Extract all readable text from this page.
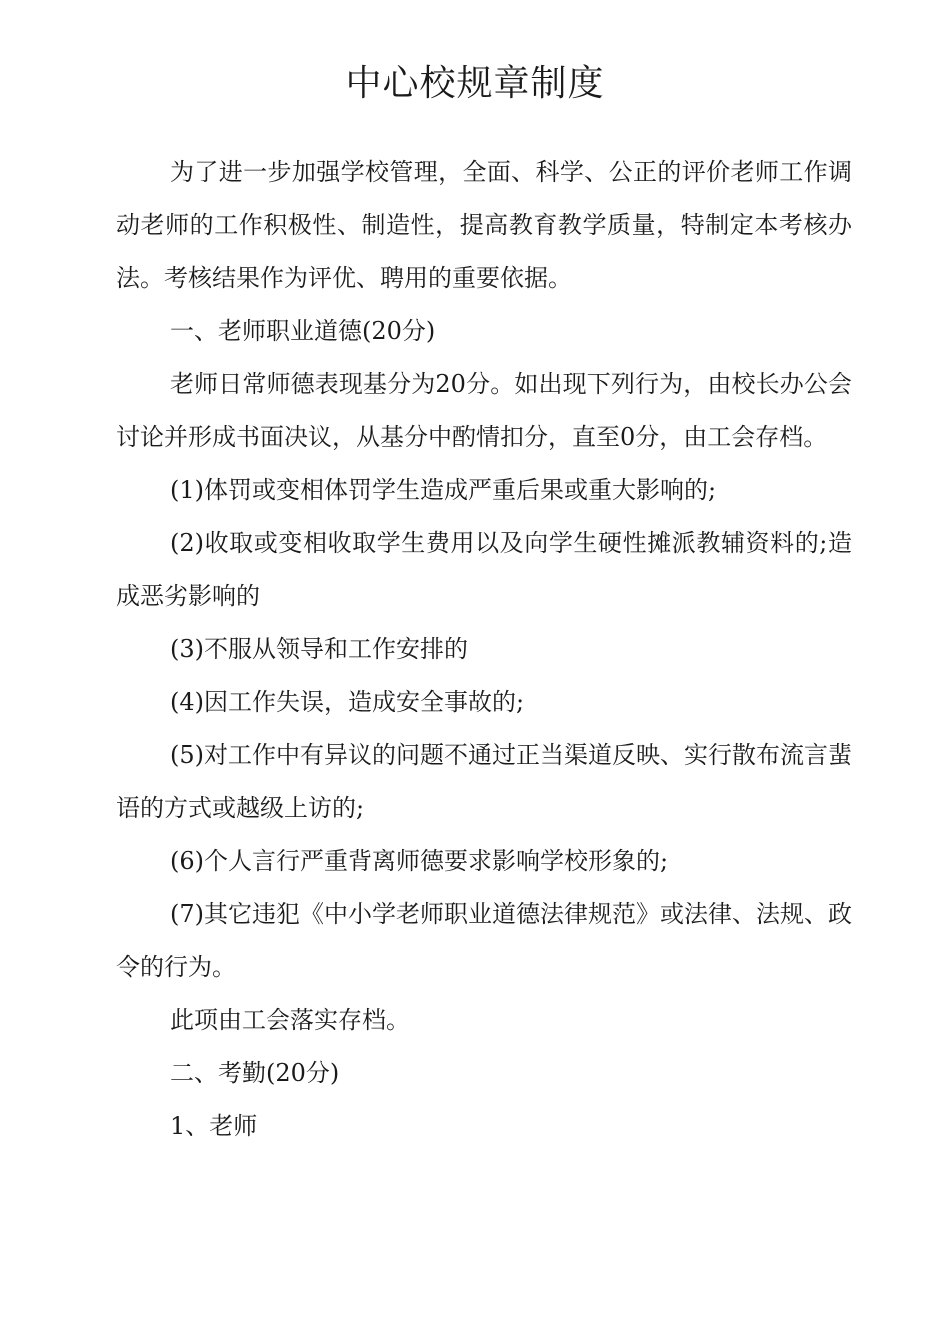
中心校规章制度

为了进一步加强学校管理，全面、科学、公正的评价老师工作调动老师的工作积极性、制造性，提高教育教学质量，特制定本考核办法。考核结果作为评优、聘用的重要依据。

一、老师职业道德(20分)

老师日常师德表现基分为20分。如出现下列行为，由校长办公会讨论并形成书面决议，从基分中酌情扣分，直至0分，由工会存档。

(1)体罚或变相体罚学生造成严重后果或重大影响的;

(2)收取或变相收取学生费用以及向学生硬性摊派教辅资料的;造成恶劣影响的

(3)不服从领导和工作安排的

(4)因工作失误，造成安全事故的;

(5)对工作中有异议的问题不通过正当渠道反映、实行散布流言蜚语的方式或越级上访的;

(6)个人言行严重背离师德要求影响学校形象的;

(7)其它违犯《中小学老师职业道德法律规范》或法律、法规、政令的行为。

此项由工会落实存档。

二、考勤(20分)

1、老师
